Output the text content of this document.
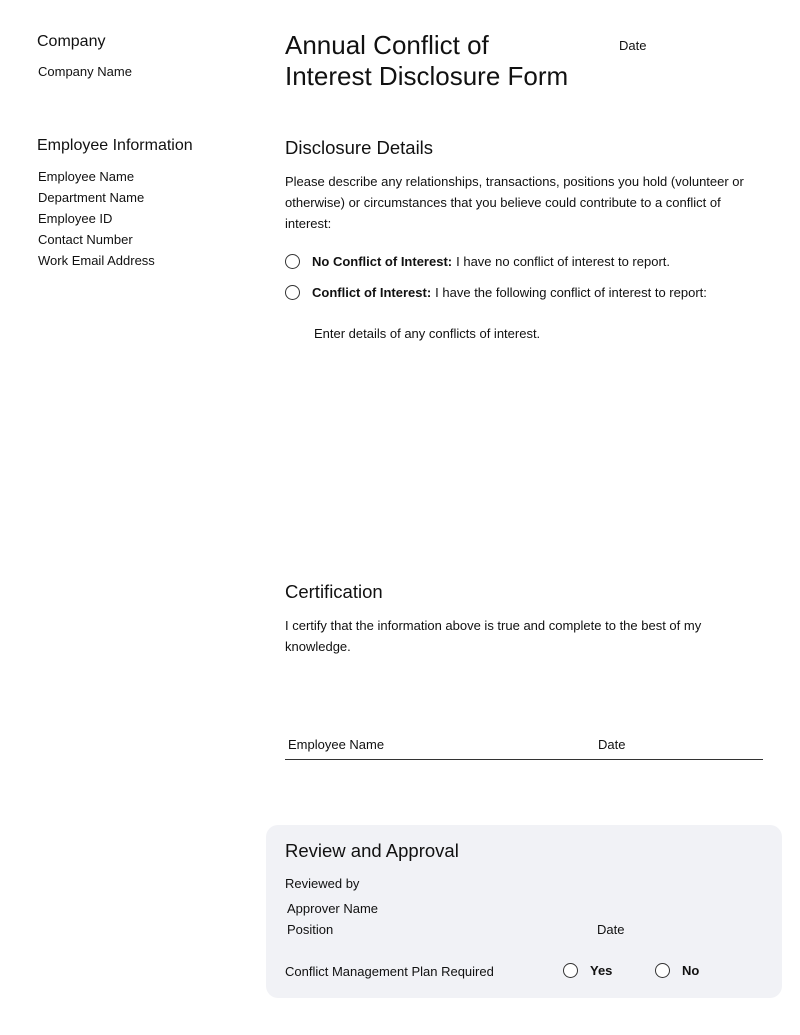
Company
Company Name
Employee Information
Employee Name
Department Name
Employee ID
Contact Number
Work Email Address
Annual Conflict of
Interest Disclosure Form
Date
Disclosure Details
Please describe any relationships, transactions, positions you hold (volunteer or otherwise) or circumstances that you believe could contribute to a conflict of interest:
No Conflict of Interest: I have no conflict of interest to report.
Conflict of Interest: I have the following conflict of interest to report:
Enter details of any conflicts of interest.
Certification
I certify that the information above is true and complete to the best of my knowledge.
Employee Name	Date
Review and Approval
Reviewed by
Approver Name
Position	Date
Conflict Management Plan Required	Yes	No
